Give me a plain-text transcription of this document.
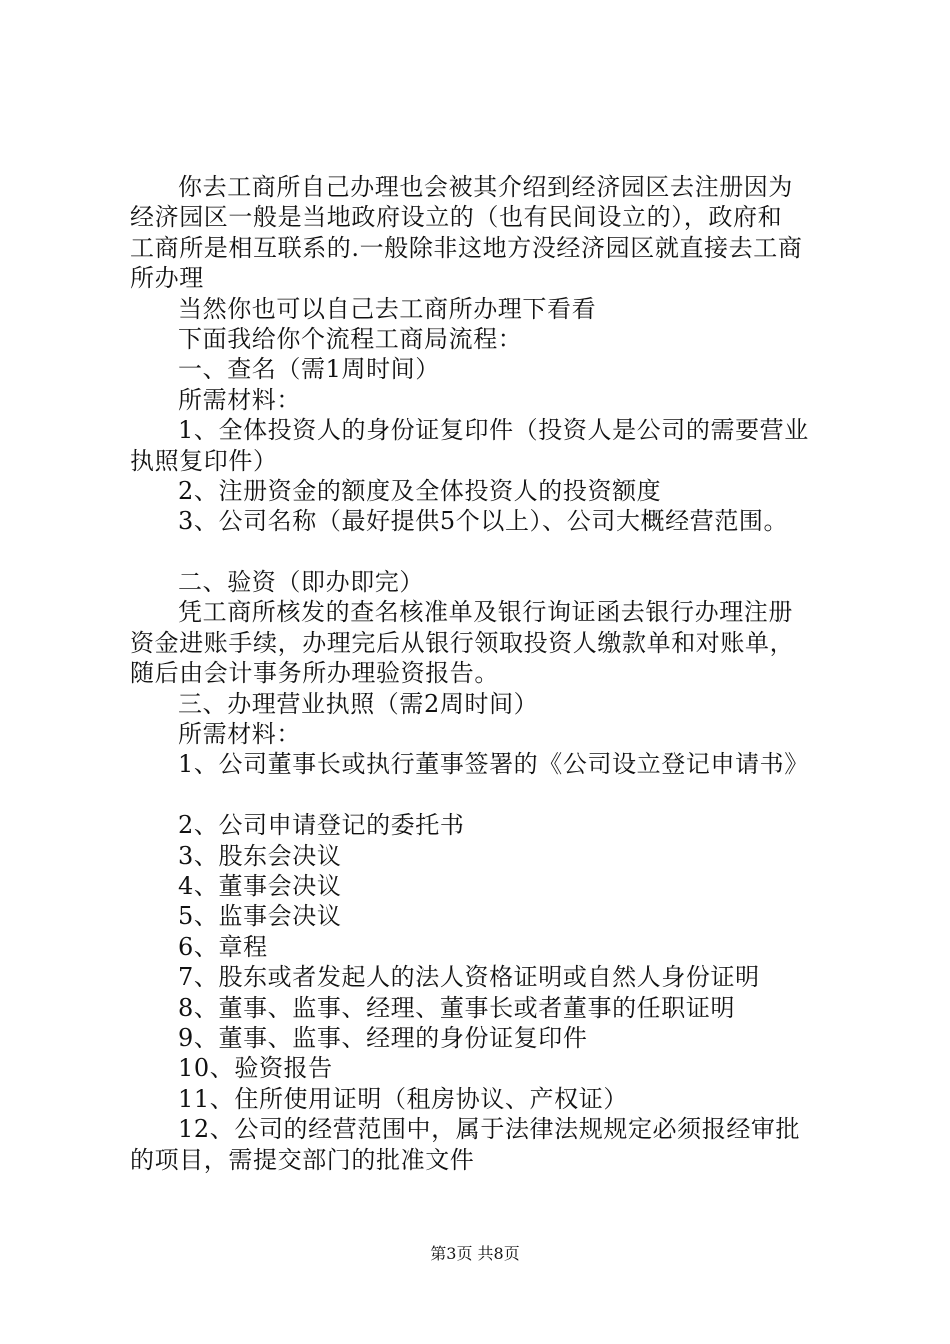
你去工商所自己办理也会被其介绍到经济园区去注册因为
经济园区一般是当地政府设立的（也有民间设立的），政府和
工商所是相互联系的.一般除非这地方没经济园区就直接去工商
所办理
当然你也可以自己去工商所办理下看看
下面我给你个流程工商局流程：
一、查名（需1周时间）
所需材料：
1、全体投资人的身份证复印件（投资人是公司的需要营业
执照复印件）
2、注册资金的额度及全体投资人的投资额度
3、公司名称（最好提供5个以上）、公司大概经营范围。
二、验资（即办即完）
凭工商所核发的查名核准单及银行询证函去银行办理注册
资金进账手续，办理完后从银行领取投资人缴款单和对账单，
随后由会计事务所办理验资报告。
三、办理营业执照（需2周时间）
所需材料：
1、公司董事长或执行董事签署的《公司设立登记申请书》
2、公司申请登记的委托书
3、股东会决议
4、董事会决议
5、监事会决议
6、章程
7、股东或者发起人的法人资格证明或自然人身份证明
8、董事、监事、经理、董事长或者董事的任职证明
9、董事、监事、经理的身份证复印件
10、验资报告
11、住所使用证明（租房协议、产权证）
12、公司的经营范围中，属于法律法规规定必须报经审批
的项目，需提交部门的批准文件
第3页 共8页
